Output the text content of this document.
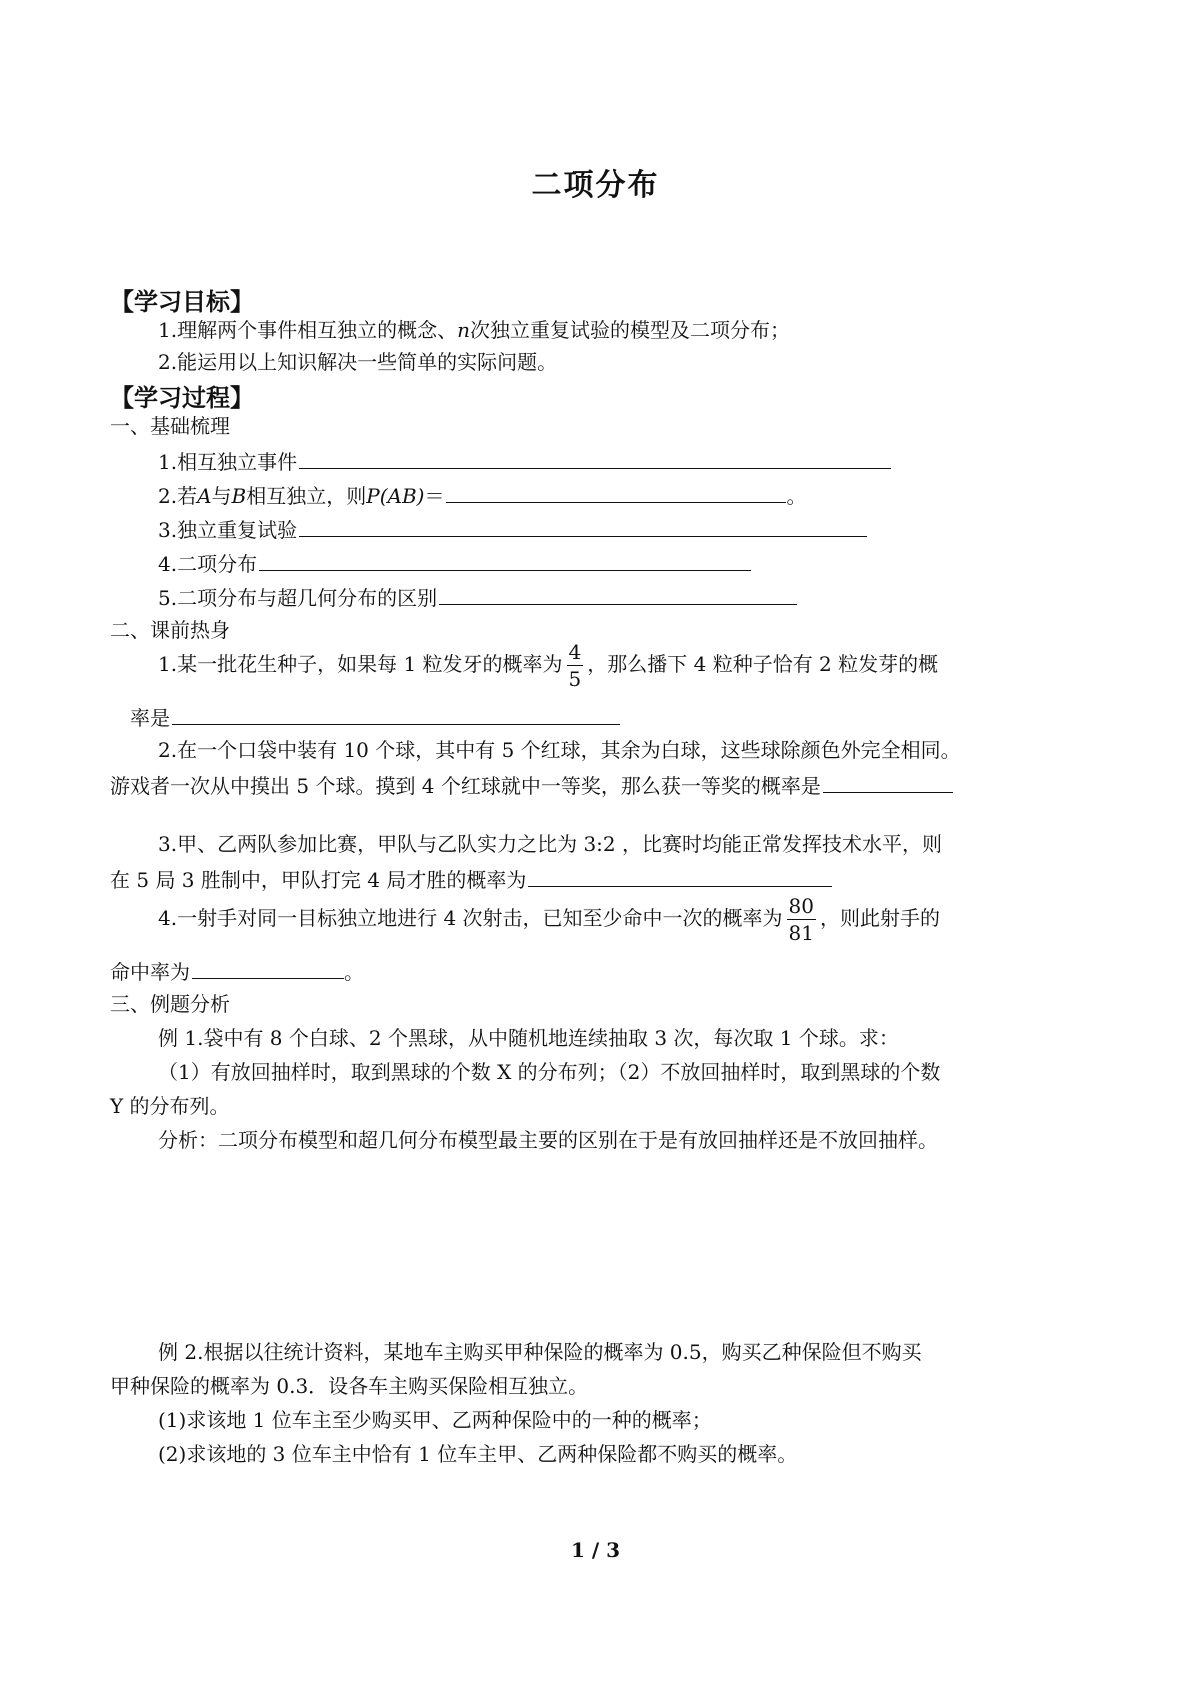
二项分布
【学习目标】
1.理解两个事件相互独立的概念、n次独立重复试验的模型及二项分布；
2.能运用以上知识解决一些简单的实际问题。
【学习过程】
一、基础梳理
1.相互独立事件
2.若A与B相互独立，则P(AB)＝	。
3.独立重复试验
4.二项分布
5.二项分布与超几何分布的区别
二、课前热身
1.某一批花生种子，如果每 1 粒发牙的概率为 $\frac{4}{5}$ ，那么播下 4 粒种子恰有 2 粒发芽的概
率是
2.在一个口袋中装有 10 个球，其中有 5 个红球，其余为白球，这些球除颜色外完全相同。
游戏者一次从中摸出 5 个球。摸到 4 个红球就中一等奖，那么获一等奖的概率是
3.甲、乙两队参加比赛，甲队与乙队实力之比为 3:2 ，比赛时均能正常发挥技术水平，则
在 5 局 3 胜制中，甲队打完 4 局才胜的概率为
4.一射手对同一目标独立地进行 4 次射击，已知至少命中一次的概率为 $\frac{80}{81}$ ，则此射手的
命中率为	。
三、例题分析
例 1.袋中有 8 个白球、2 个黑球，从中随机地连续抽取 3 次，每次取 1 个球。求：
（1）有放回抽样时，取到黑球的个数 X 的分布列；（2）不放回抽样时，取到黑球的个数
Y 的分布列。
分析：二项分布模型和超几何分布模型最主要的区别在于是有放回抽样还是不放回抽样。
例 2.根据以往统计资料，某地车主购买甲种保险的概率为 0.5，购买乙种保险但不购买
甲种保险的概率为 0.3．设各车主购买保险相互独立。
(1)求该地 1 位车主至少购买甲、乙两种保险中的一种的概率；
(2)求该地的 3 位车主中恰有 1 位车主甲、乙两种保险都不购买的概率。
1 / 3
